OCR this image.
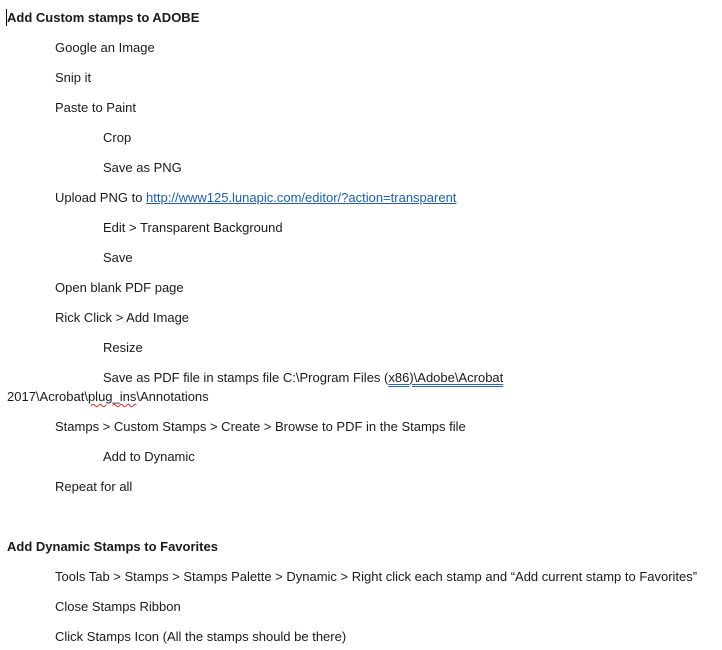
Add Custom stamps to ADOBE
Google an Image
Snip it
Paste to Paint
Crop
Save as PNG
Upload PNG to http://www125.lunapic.com/editor/?action=transparent
Edit > Transparent Background
Save
Open blank PDF page
Rick Click > Add Image
Resize
Save as PDF file in stamps file C:\Program Files (x86)\Adobe\Acrobat
2017\Acrobat\plug_ins\Annotations
Stamps > Custom Stamps > Create > Browse to PDF in the Stamps file
Add to Dynamic
Repeat for all
Add Dynamic Stamps to Favorites
Tools Tab > Stamps > Stamps Palette > Dynamic > Right click each stamp and “Add current stamp to Favorites”
Close Stamps Ribbon
Click Stamps Icon (All the stamps should be there)
